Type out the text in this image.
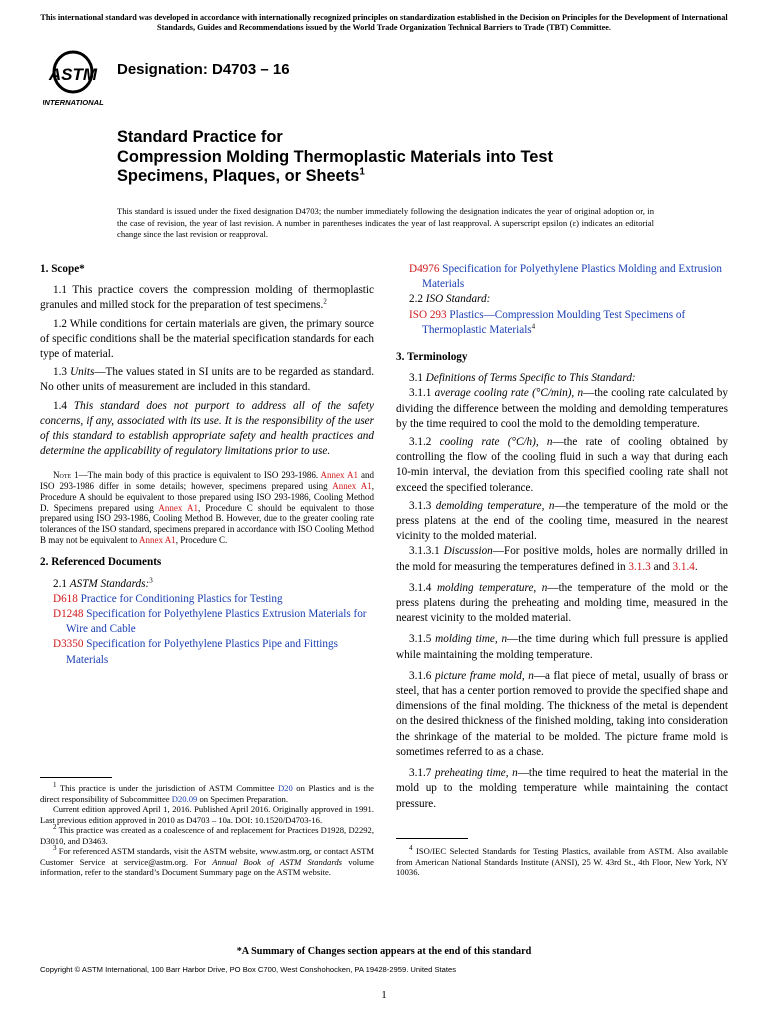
This international standard was developed in accordance with internationally recognized principles on standardization established in the Decision on Principles for the Development of International Standards, Guides and Recommendations issued by the World Trade Organization Technical Barriers to Trade (TBT) Committee.
ASTM
INTERNATIONAL
Designation: D4703 – 16
Standard Practice for
Compression Molding Thermoplastic Materials into Test
Specimens, Plaques, or Sheets$^1$
This standard is issued under the fixed designation D4703; the number immediately following the designation indicates the year of original adoption or, in the case of revision, the year of last revision. A number in parentheses indicates the year of last reapproval. A superscript epsilon (ε) indicates an editorial change since the last revision or reapproval.
1. Scope*

1.1 This practice covers the compression molding of thermoplastic granules and milled stock for the preparation of test specimens.$^2$

1.2 While conditions for certain materials are given, the primary source of specific conditions shall be the material specification standards for each type of material.

1.3 Units—The values stated in SI units are to be regarded as standard. No other units of measurement are included in this standard.

1.4 This standard does not purport to address all of the safety concerns, if any, associated with its use. It is the responsibility of the user of this standard to establish appropriate safety and health practices and determine the applicability of regulatory limitations prior to use.

Note 1—The main body of this practice is equivalent to ISO 293-1986. Annex A1 and ISO 293-1986 differ in some details; however, specimens prepared using Annex A1, Procedure A should be equivalent to those prepared using ISO 293-1986, Cooling Method D. Specimens prepared using Annex A1, Procedure C should be equivalent to those prepared using ISO 293-1986, Cooling Method B. However, due to the greater cooling rate tolerances of the ISO standard, specimens prepared in accordance with ISO Cooling Method B may not be equivalent to Annex A1, Procedure C.

2. Referenced Documents

2.1 ASTM Standards:$^3$

D618 Practice for Conditioning Plastics for Testing

D1248 Specification for Polyethylene Plastics Extrusion Materials for Wire and Cable

D3350 Specification for Polyethylene Plastics Pipe and Fittings Materials

$^1$ This practice is under the jurisdiction of ASTM Committee D20 on Plastics and is the direct responsibility of Subcommittee D20.09 on Specimen Preparation.

Current edition approved April 1, 2016. Published April 2016. Originally approved in 1991. Last previous edition approved in 2010 as D4703 – 10a. DOI: 10.1520/D4703-16.

$^2$ This practice was created as a coalescence of and replacement for Practices D1928, D2292, D3010, and D3463.

$^3$ For referenced ASTM standards, visit the ASTM website, www.astm.org, or contact ASTM Customer Service at service@astm.org. For Annual Book of ASTM Standards volume information, refer to the standard’s Document Summary page on the ASTM website.

D4976 Specification for Polyethylene Plastics Molding and Extrusion Materials

2.2 ISO Standard:

ISO 293 Plastics—Compression Moulding Test Specimens of Thermoplastic Materials$^4$

3. Terminology

3.1 Definitions of Terms Specific to This Standard:

3.1.1 average cooling rate (°C/min), n—the cooling rate calculated by dividing the difference between the molding and demolding temperatures by the time required to cool the mold to the demolding temperature.

3.1.2 cooling rate (°C/h), n—the rate of cooling obtained by controlling the flow of the cooling fluid in such a way that during each 10-min interval, the deviation from this specified cooling rate shall not exceed the specified tolerance.

3.1.3 demolding temperature, n—the temperature of the mold or the press platens at the end of the cooling time, measured in the nearest vicinity to the molded material.

3.1.3.1 Discussion—For positive molds, holes are normally drilled in the mold for measuring the temperatures defined in 3.1.3 and 3.1.4.

3.1.4 molding temperature, n—the temperature of the mold or the press platens during the preheating and molding time, measured in the nearest vicinity to the molded material.

3.1.5 molding time, n—the time during which full pressure is applied while maintaining the molding temperature.

3.1.6 picture frame mold, n—a flat piece of metal, usually of brass or steel, that has a center portion removed to provide the specified shape and dimensions of the final molding. The thickness of the metal is dependent on the desired thickness of the finished molding, taking into consideration the shrinkage of the material to be molded. The picture frame mold is sometimes referred to as a chase.

3.1.7 preheating time, n—the time required to heat the material in the mold up to the molding temperature while maintaining the contact pressure.

$^4$ ISO/IEC Selected Standards for Testing Plastics, available from ASTM. Also available from American National Standards Institute (ANSI), 25 W. 43rd St., 4th Floor, New York, NY 10036.

*A Summary of Changes section appears at the end of this standard
Copyright © ASTM International, 100 Barr Harbor Drive, PO Box C700, West Conshohocken, PA 19428-2959. United States
1
